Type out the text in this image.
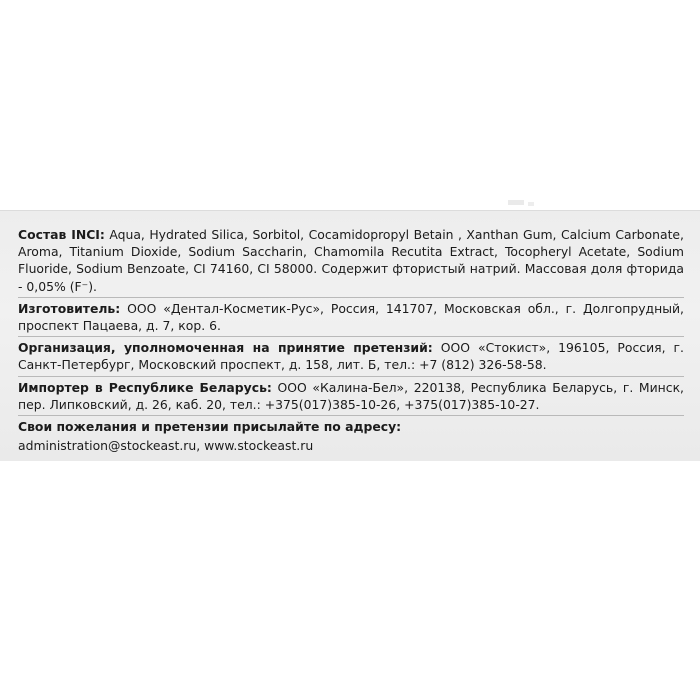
Состав INCI: Aqua, Hydrated Silica, Sorbitol, Cocamidopropyl Betain , Xanthan Gum, Calcium Carbonate, Aroma, Titanium Dioxide, Sodium Saccharin, Chamomila Recutita Extract, Tocopheryl Acetate, Sodium Fluoride, Sodium Benzoate, CI 74160, CI 58000. Содержит фтористый натрий. Массовая доля фторида - 0,05% (F⁻).

Изготовитель: ООО «Дентал-Косметик-Рус», Россия, 141707, Московская обл., г. Долгопрудный, проспект Пацаева, д. 7, кор. 6.

Организация, уполномоченная на принятие претензий: ООО «Стокист», 196105, Россия, г. Санкт-Петербург, Московский проспект, д. 158, лит. Б, тел.: +7 (812) 326-58-58.

Импортер в Республике Беларусь: ООО «Калина-Бел», 220138, Республика Беларусь, г. Минск, пер. Липковский, д. 26, каб. 20, тел.: +375(017)385-10-26, +375(017)385-10-27.

Свои пожелания и претензии присылайте по адресу:

administration@stockeast.ru, www.stockeast.ru
